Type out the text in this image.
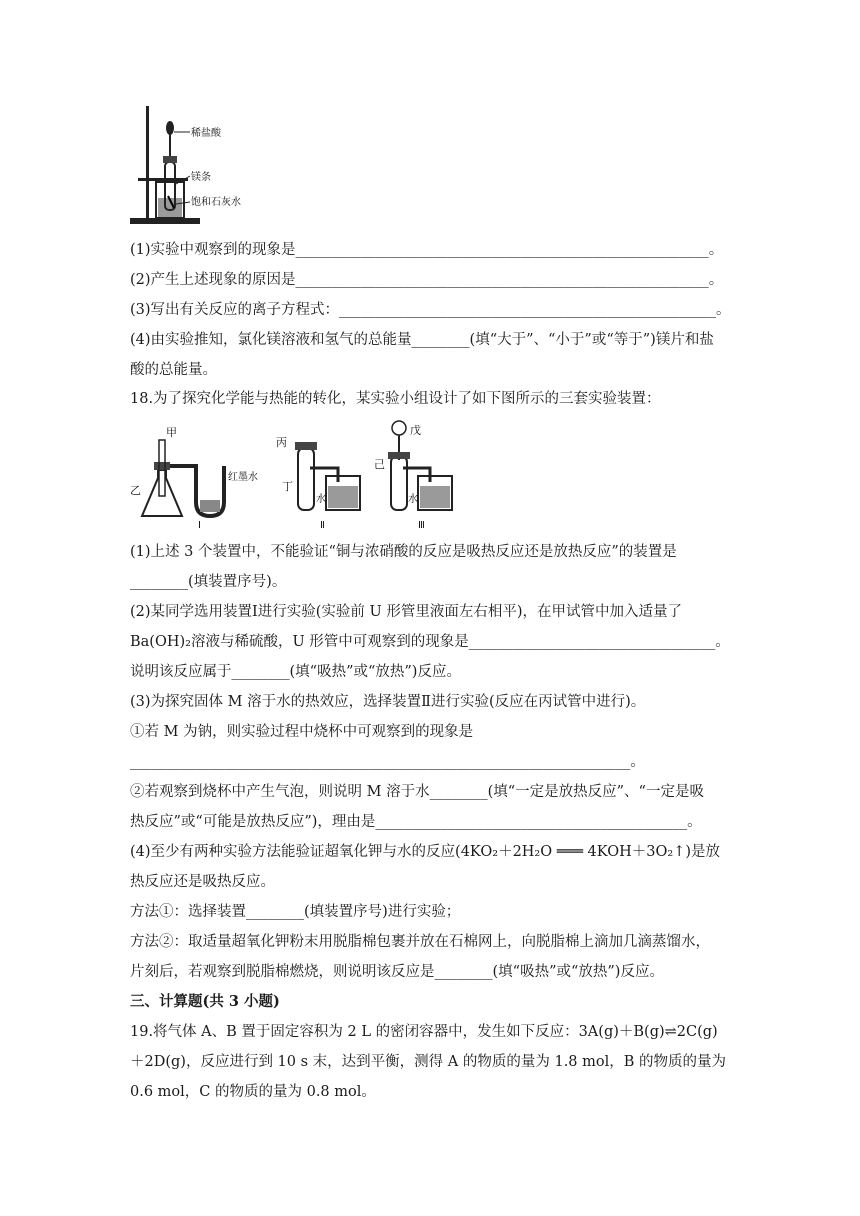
稀盐酸
镁条
饱和石灰水
(1)实验中观察到的现象是_________________________________________________________。
(2)产生上述现象的原因是_________________________________________________________。
(3)写出有关反应的离子方程式：____________________________________________________。
(4)由实验推知，氯化镁溶液和氢气的总能量________(填“大于”、“小于”或“等于”)镁片和盐
酸的总能量。
18.为了探究化学能与热能的转化，某实验小组设计了如下图所示的三套实验装置：
甲
乙
红墨水
Ⅰ
丙
丁
水
Ⅱ
戊
己
水
Ⅲ
(1)上述 3 个装置中，不能验证“铜与浓硝酸的反应是吸热反应还是放热反应”的装置是
________(填装置序号)。
(2)某同学选用装置Ⅰ进行实验(实验前 U 形管里液面左右相平)，在甲试管中加入适量了
Ba(OH)₂溶液与稀硫酸，U 形管中可观察到的现象是__________________________________。
说明该反应属于________(填“吸热”或“放热”)反应。
(3)为探究固体 M 溶于水的热效应，选择装置Ⅱ进行实验(反应在丙试管中进行)。
①若 M 为钠，则实验过程中烧杯中可观察到的现象是
_____________________________________________________________________。
②若观察到烧杯中产生气泡，则说明 M 溶于水________(填“一定是放热反应”、“一定是吸
热反应”或“可能是放热反应”)，理由是___________________________________________。
(4)至少有两种实验方法能验证超氧化钾与水的反应(4KO₂＋2H₂O ═══ 4KOH＋3O₂↑)是放
热反应还是吸热反应。
方法①：选择装置________(填装置序号)进行实验；
方法②：取适量超氧化钾粉末用脱脂棉包裹并放在石棉网上，向脱脂棉上滴加几滴蒸馏水，
片刻后，若观察到脱脂棉燃烧，则说明该反应是________(填“吸热”或“放热”)反应。
三、计算题(共 3 小题)
19.将气体 A、B 置于固定容积为 2 L 的密闭容器中，发生如下反应：3A(g)＋B(g)⇌2C(g)
＋2D(g)，反应进行到 10 s 末，达到平衡，测得 A 的物质的量为 1.8 mol，B 的物质的量为
0.6 mol，C 的物质的量为 0.8 mol。
